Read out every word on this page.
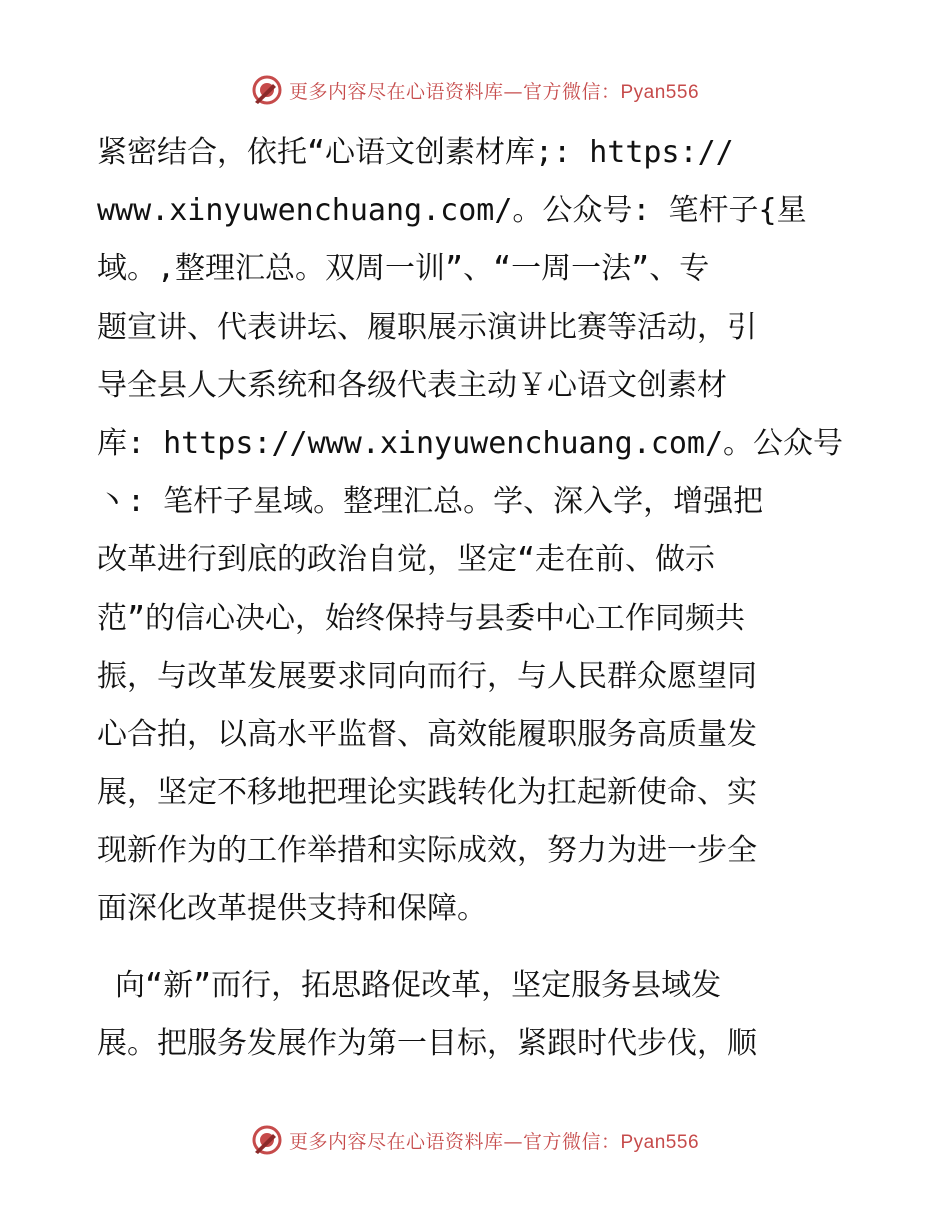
更多内容尽在心语资料库—官方微信：Pyan556
紧密结合，依托“心语文创素材库;: https://
www.xinyuwenchuang.com/。公众号: 笔杆子{星
域。,整理汇总。双周一训”、“一周一法”、专
题宣讲、代表讲坛、履职展示演讲比赛等活动，引
导全县人大系统和各级代表主动￥心语文创素材
库: https://www.xinyuwenchuang.com/。公众号
丶: 笔杆子星域。整理汇总。学、深入学，增强把
改革进行到底的政治自觉，坚定“走在前、做示
范”的信心决心，始终保持与县委中心工作同频共
振，与改革发展要求同向而行，与人民群众愿望同
心合拍，以高水平监督、高效能履职服务高质量发
展，坚定不移地把理论实践转化为扛起新使命、实
现新作为的工作举措和实际成效，努力为进一步全
面深化改革提供支持和保障。
向“新”而行，拓思路促改革，坚定服务县域发
展。把服务发展作为第一目标，紧跟时代步伐，顺
更多内容尽在心语资料库—官方微信：Pyan556
